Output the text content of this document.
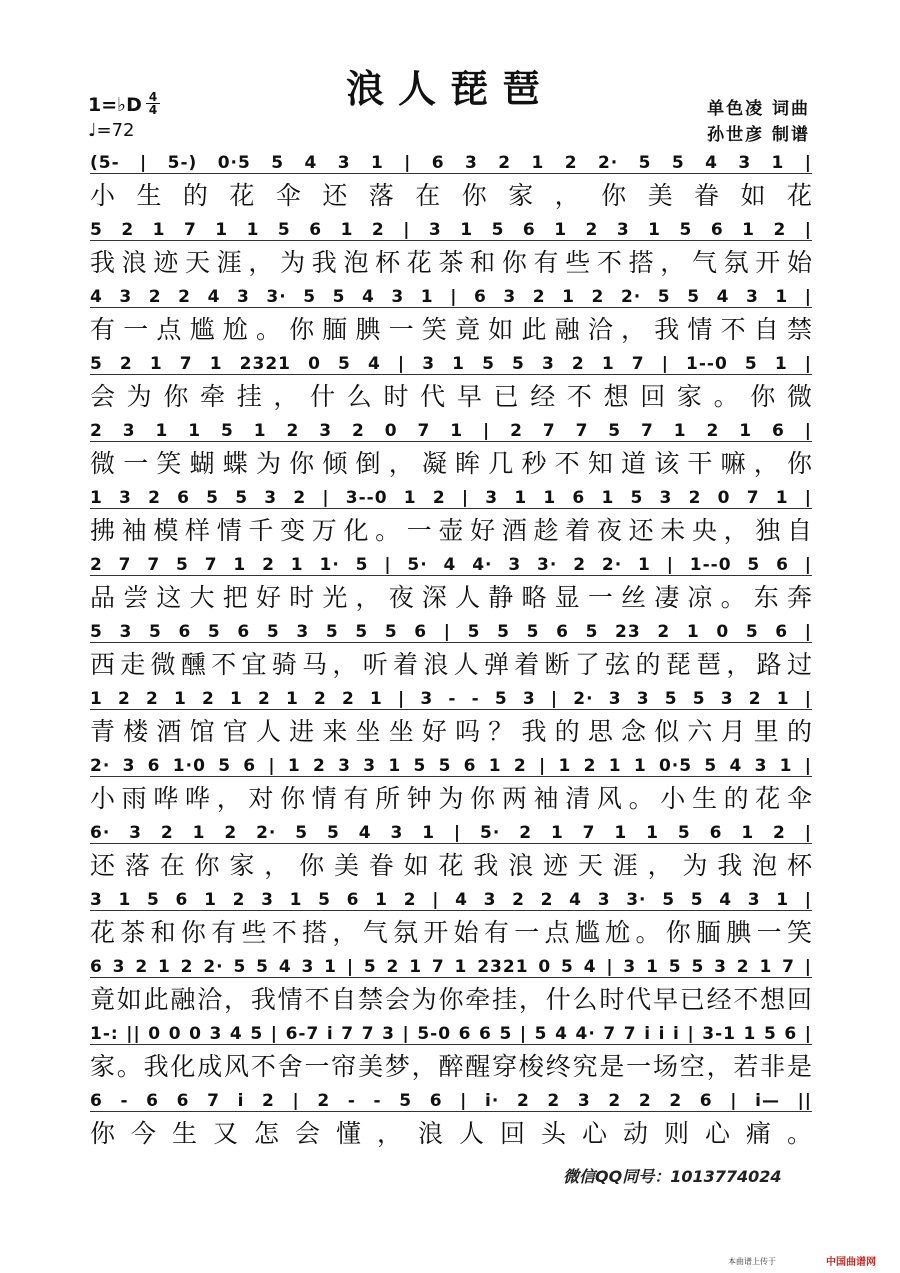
浪人琵琶
1=♭D 4
4
♩=72
单色凌 词曲
孙世彦 制谱
(5- | 5-) 0·5 5 4 3 1 | 6 3 2 1 2 2· 5 5 4 3 1 |
小生的花伞还落在你家，你美眷如花
5 2 1 7 1 1 5 6 1 2 | 3 1 5 6 1 2 3 1 5 6 1 2 |
我浪迹天涯，为我泡杯花茶和你有些不搭，气氛开始
4 3 2 2 4 3 3· 5 5 4 3 1 | 6 3 2 1 2 2· 5 5 4 3 1 |
有一点尴尬。你腼腆一笑竟如此融洽，我情不自禁
5 2 1 7 1 2321 0 5 4 | 3 1 5 5 3 2 1 7 | 1--0 5 1 |
会为你牵挂，什么时代早已经不想回家。你微
2 3 1 1 5 1 2 3 2 0 7 1 | 2 7 7 5 7 1 2 1 6 |
微一笑蝴蝶为你倾倒，凝眸几秒不知道该干嘛，你
1 3 2 6 5 5 3 2 | 3--0 1 2 | 3 1 1 6 1 5 3 2 0 7 1 |
拂袖模样情千变万化。一壶好酒趁着夜还未央，独自
2 7 7 5 7 1 2 1 1· 5 | 5· 4 4· 3 3· 2 2· 1 | 1--0 5 6 |
品尝这大把好时光，夜深人静略显一丝凄凉。东奔
5 3 5 6 5 6 5 3 5 5 5 6 | 5 5 5 6 5 23 2 1 0 5 6 |
西走微醺不宜骑马，听着浪人弹着断了弦的琵琶，路过
1 2 2 1 2 1 2 1 2 2 1 | 3 - - 5 3 | 2· 3 3 5 5 3 2 1 |
青楼酒馆官人进来坐坐好吗？我的思念似六月里的
2· 3 6 1·0 5 6 | 1 2 3 3 1 5 5 6 1 2 | 1 2 1 1 0·5 5 4 3 1 |
小雨哗哗，对你情有所钟为你两袖清风。小生的花伞
6· 3 2 1 2 2· 5 5 4 3 1 | 5· 2 1 7 1 1 5 6 1 2 |
还落在你家，你美眷如花我浪迹天涯，为我泡杯
3 1 5 6 1 2 3 1 5 6 1 2 | 4 3 2 2 4 3 3· 5 5 4 3 1 |
花茶和你有些不搭，气氛开始有一点尴尬。你腼腆一笑
6 3 2 1 2 2· 5 5 4 3 1 | 5 2 1 7 1 2321 0 5 4 | 3 1 5 5 3 2 1 7 |
竟如此融洽，我情不自禁会为你牵挂，什么时代早已经不想回
1-: || 0 0 0 3 4 5 | 6-7 i 7 7 3 | 5-0 6 6 5 | 5 4 4· 7 7 i i i | 3-1 1 5 6 |
家。我化成风不舍一帘美梦，醉醒穿梭终究是一场空，若非是
6 - 6 6 7 i 2 | 2 - - 5 6 | i· 2 2 3 2 2 2 6 | i— ||
你今生又怎会懂，浪人回头心动则心痛。
微信QQ同号：1013774024
本曲谱上传于	中国曲谱网
